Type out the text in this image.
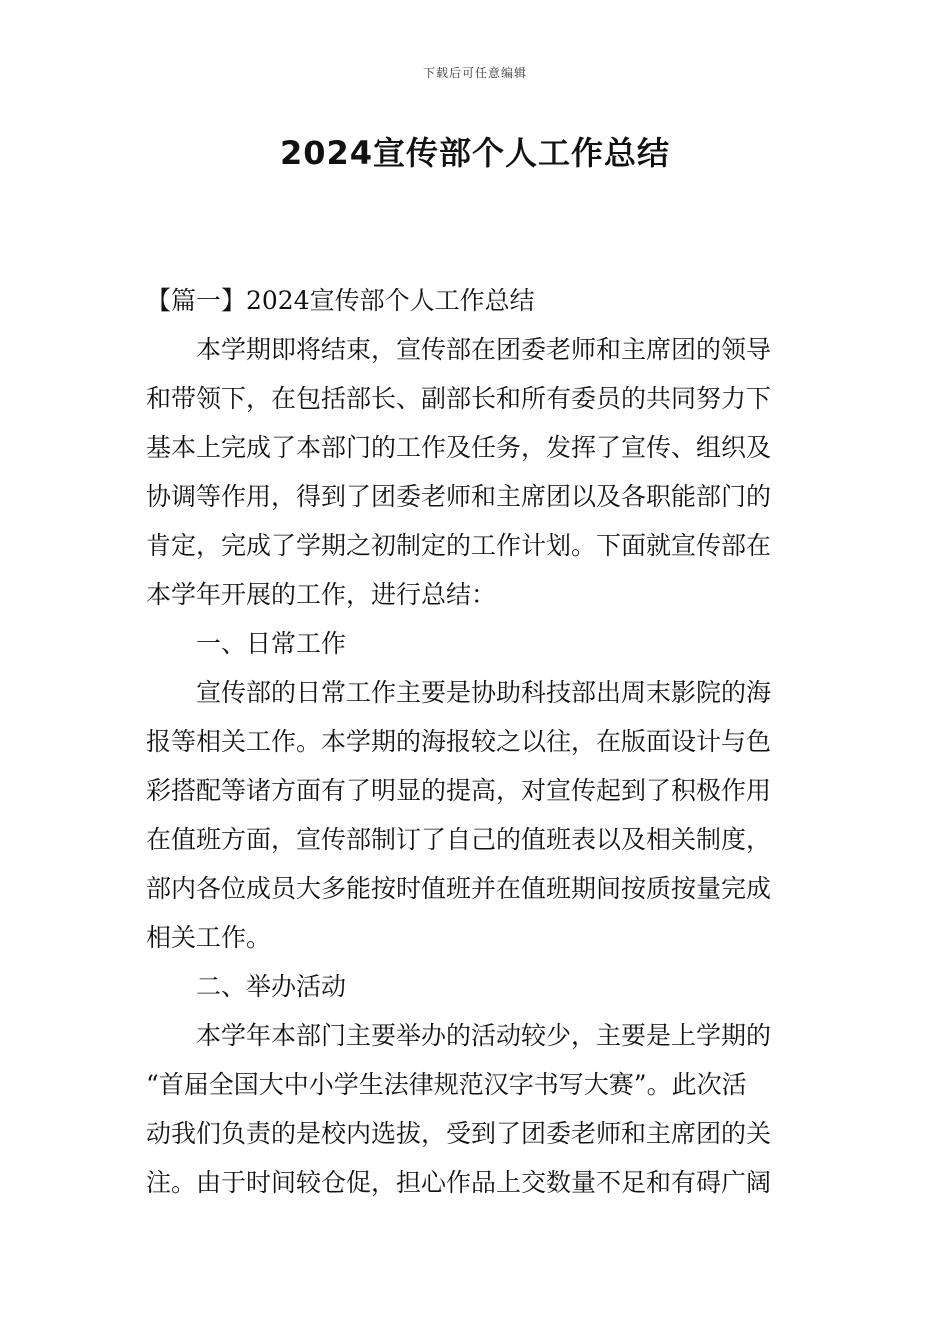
下载后可任意编辑
2024宣传部个人工作总结

【篇一】2024宣传部个人工作总结

本学期即将结束，宣传部在团委老师和主席团的领导

和带领下，在包括部长、副部长和所有委员的共同努力下

基本上完成了本部门的工作及任务，发挥了宣传、组织及

协调等作用，得到了团委老师和主席团以及各职能部门的

肯定，完成了学期之初制定的工作计划。下面就宣传部在

本学年开展的工作，进行总结：

一、日常工作

宣传部的日常工作主要是协助科技部出周末影院的海

报等相关工作。本学期的海报较之以往，在版面设计与色

彩搭配等诸方面有了明显的提高，对宣传起到了积极作用

在值班方面，宣传部制订了自己的值班表以及相关制度，

部内各位成员大多能按时值班并在值班期间按质按量完成

相关工作。

二、举办活动

本学年本部门主要举办的活动较少，主要是上学期的

“首届全国大中小学生法律规范汉字书写大赛”。此次活

动我们负责的是校内选拔，受到了团委老师和主席团的关

注。由于时间较仓促，担心作品上交数量不足和有碍广阔
